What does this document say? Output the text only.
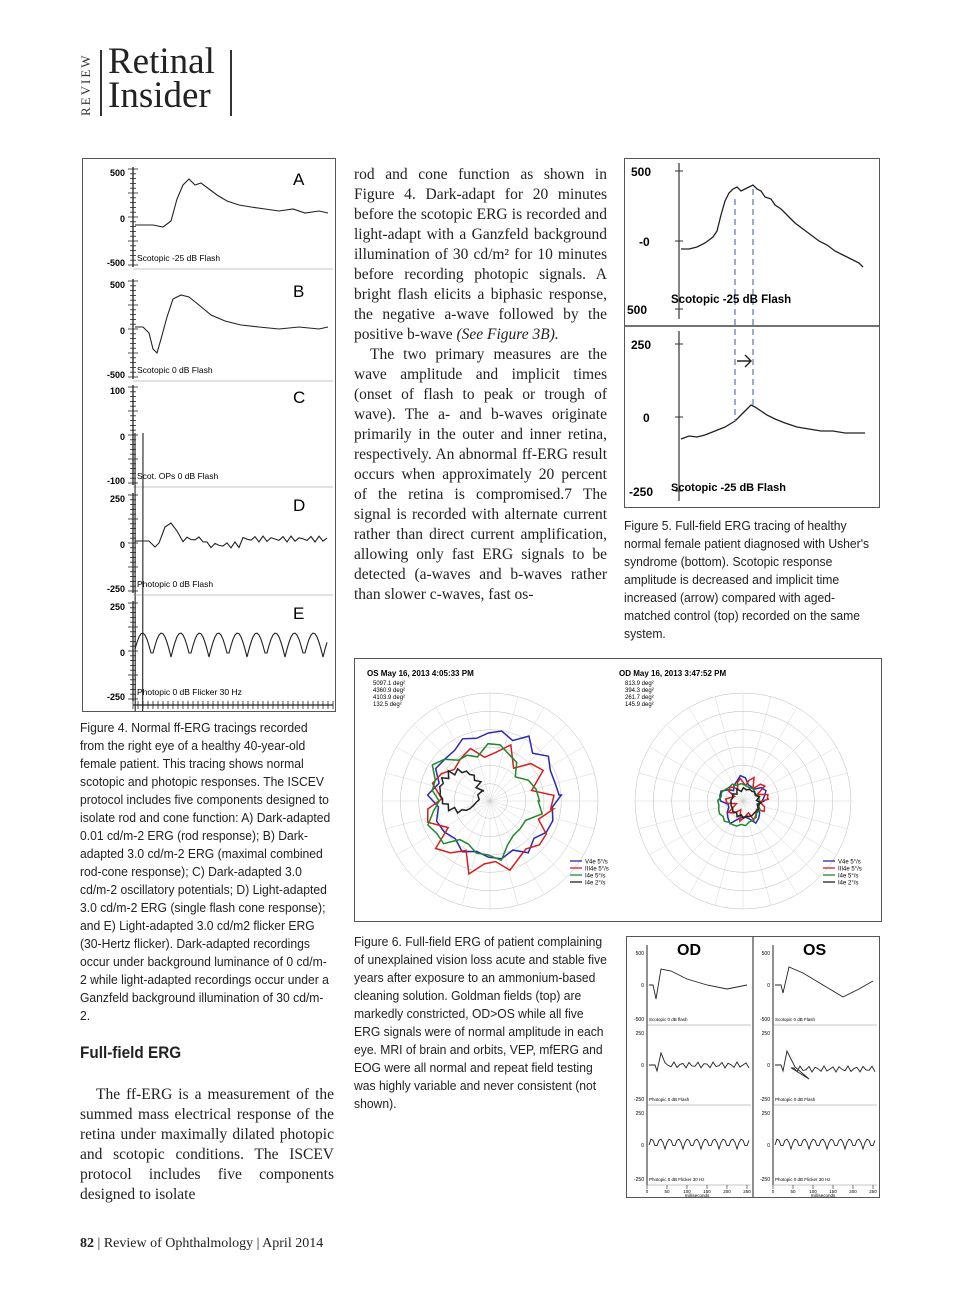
REVIEW Retinal
Insider
500
0
-500
A
Scotopic -25 dB Flash
500
0
-500
B
Scotopic 0 dB Flash
100
0
-100
C
Scot. OPs 0 dB Flash
250
0
-250
D
Photopic 0 dB Flash
250
0
-250
E
Photopic 0 dB Flicker 30 Hz
Figure 4. Normal ff-ERG tracings recorded from the right eye of a healthy 40-year-old female patient. This tracing shows normal scotopic and photopic responses. The ISCEV protocol includes five components designed to isolate rod and cone function: A) Dark-adapted 0.01 cd/m-2 ERG (rod response); B) Dark-adapted 3.0 cd/m-2 ERG (maximal combined rod-cone response); C) Dark-adapted 3.0 cd/m-2 oscillatory potentials; D) Light-adapted 3.0 cd/m-2 ERG (single flash cone response); and E) Light-adapted 3.0 cd/m2 flicker ERG (30-Hertz flicker). Dark-adapted recordings occur under background luminance of 0 cd/m-2 while light-adapted recordings occur under a Ganzfeld background illumination of 30 cd/m-2.
Full-field ERG

The ff-ERG is a measurement of the summed mass electrical response of the retina under maximally dilated photopic and scotopic conditions. The ISCEV protocol includes five components designed to isolate

rod and cone function as shown in Figure 4. Dark-adapt for 20 minutes before the scotopic ERG is recorded and light-adapt with a Ganzfeld background illumination of 30 cd/m² for 10 minutes before recording photopic signals. A bright flash elicits a biphasic response, the negative a-wave followed by the positive b-wave (See Figure 3B).

The two primary measures are the wave amplitude and implicit times (onset of flash to peak or trough of wave). The a- and b-waves originate primarily in the outer and inner retina, respectively. An abnormal ff-ERG result occurs when approximately 20 percent of the retina is compromised.7 The signal is recorded with alternate current rather than direct current amplification, allowing only fast ERG signals to be detected (a-waves and b-waves rather than slower c-waves, fast os-

500
-0
500
250
0
-250
Scotopic -25 dB Flash
Scotopic -25 dB Flash
Figure 5. Full-field ERG tracing of healthy normal female patient diagnosed with Usher's syndrome (bottom). Scotopic response amplitude is decreased and implicit time increased (arrow) compared with aged-matched control (top) recorded on the same system.
OS May 16, 2013 4:05:33 PM	OD May 16, 2013 3:47:52 PM
5097.1 deg²
4360.9 deg²
4103.9 deg²
132.5 deg²
813.9 deg²
394.3 deg²
261.7 deg²
145.9 deg²
V4e 5°/s
III4e 5°/s
I4e 5°/s
I4e 2°/s
V4e 5°/s
III4e 5°/s
I4e 5°/s
I4e 2°/s
Figure 6. Full-field ERG of patient complaining of unexplained vision loss acute and stable five years after exposure to an ammonium-based cleaning solution. Goldman fields (top) are markedly constricted, OD>OS while all five ERG signals were of normal amplitude in each eye. MRI of brain and orbits, VEP, mfERG and EOG were all normal and repeat field testing was highly variable and never consistent (not shown).
OD	OS
500
0
-500 Scotopic 0 dB flash
250
0
-250 Photopic 0 dB Flash
250
0
-250 Photopic 0 dB Flicker 30 Hz
0	50	100	150	200	250
milliseconds
500
0
-500 Scotopic 0 dB Flash
250
0
-250 Photopic 0 dB Flash
250
0
-250 Photopic 0 dB Flicker 30 Hz
0	50	100	150	200	250
milliseconds
82 | Review of Ophthalmology | April 2014
